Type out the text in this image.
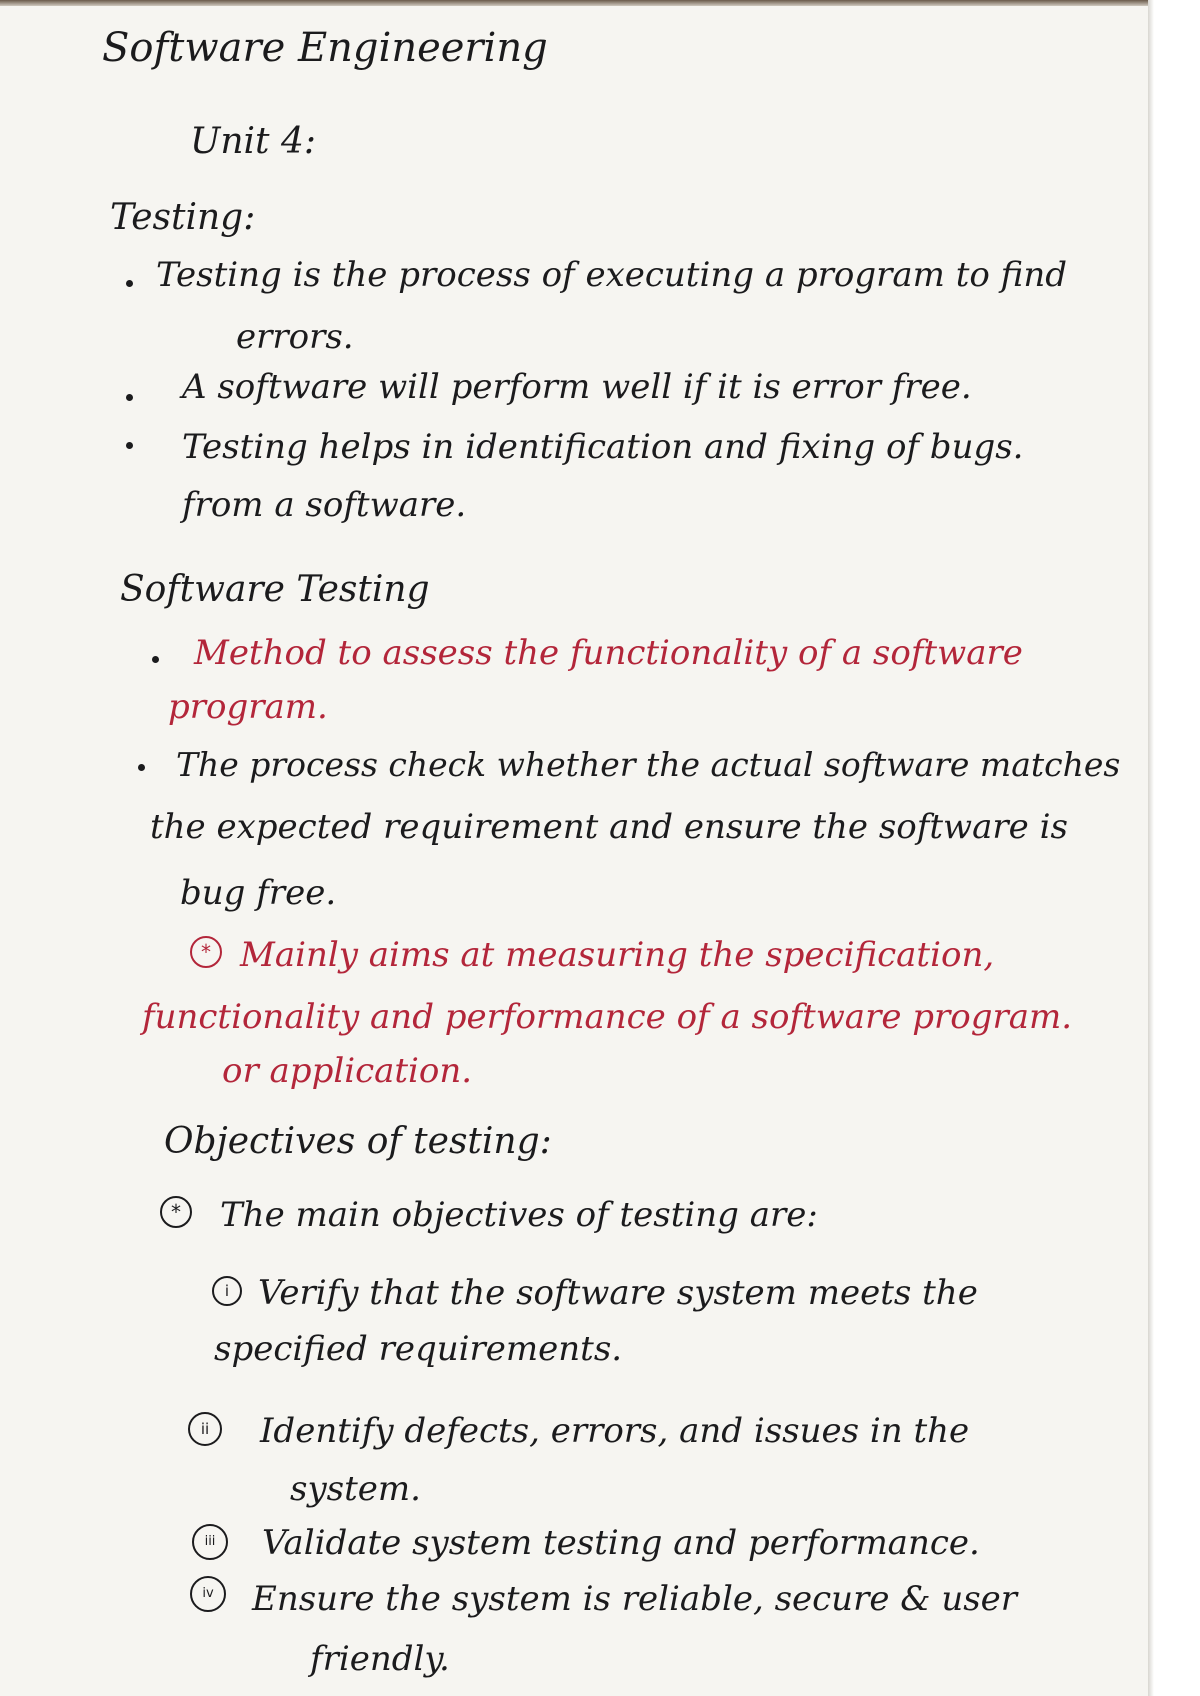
Software Engineering
Unit 4:
Testing:
Testing is the process of executing a program to find
errors.
A software will perform well if it is error free.
Testing helps in identification and fixing of bugs.
from a software.
Software Testing
Method to assess the functionality of a software
program.
The process check whether the actual software matches
the expected requirement and ensure the software is
bug free.
* Mainly aims at measuring the specification,
functionality and performance of a software program.
or application.
Objectives of testing:
*	The main objectives of testing are:
i Verify that the software system meets the
specified requirements.
ii	Identify defects, errors, and issues in the
system.
iii	Validate system testing and performance.
iv	Ensure the system is reliable, secure & user
friendly.
